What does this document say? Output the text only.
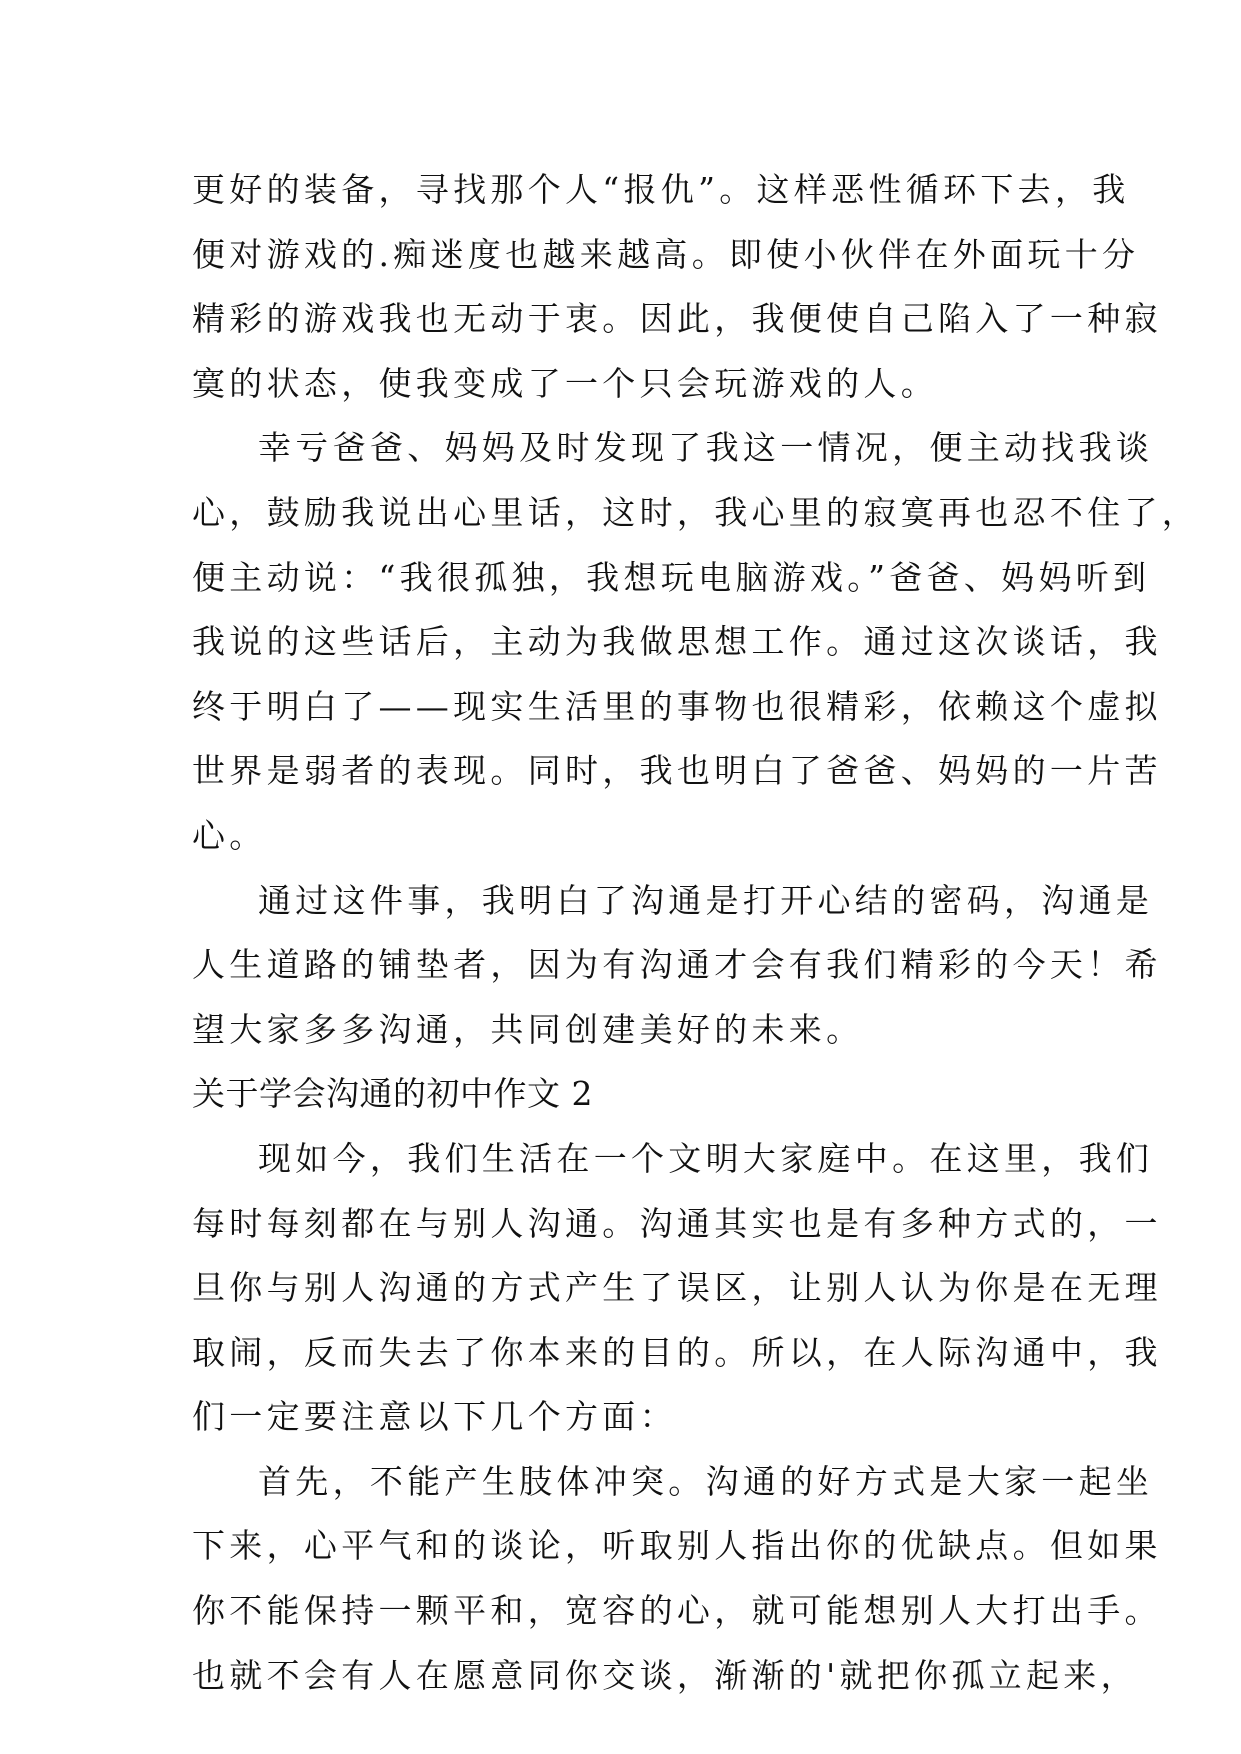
更好的装备，寻找那个人“报仇”。这样恶性循环下去，我

便对游戏的.痴迷度也越来越高。即使小伙伴在外面玩十分

精彩的游戏我也无动于衷。因此，我便使自己陷入了一种寂

寞的状态，使我变成了一个只会玩游戏的人。

幸亏爸爸、妈妈及时发现了我这一情况，便主动找我谈

心，鼓励我说出心里话，这时，我心里的寂寞再也忍不住了，

便主动说：“我很孤独，我想玩电脑游戏。”爸爸、妈妈听到

我说的这些话后，主动为我做思想工作。通过这次谈话，我

终于明白了——现实生活里的事物也很精彩，依赖这个虚拟

世界是弱者的表现。同时，我也明白了爸爸、妈妈的一片苦

心。

通过这件事，我明白了沟通是打开心结的密码，沟通是

人生道路的铺垫者，因为有沟通才会有我们精彩的今天！希

望大家多多沟通，共同创建美好的未来。

关于学会沟通的初中作文 2

现如今，我们生活在一个文明大家庭中。在这里，我们

每时每刻都在与别人沟通。沟通其实也是有多种方式的，一

旦你与别人沟通的方式产生了误区，让别人认为你是在无理

取闹，反而失去了你本来的目的。所以，在人际沟通中，我

们一定要注意以下几个方面：

首先，不能产生肢体冲突。沟通的好方式是大家一起坐

下来，心平气和的谈论，听取别人指出你的优缺点。但如果

你不能保持一颗平和，宽容的心，就可能想别人大打出手。

也就不会有人在愿意同你交谈，渐渐的'就把你孤立起来，
